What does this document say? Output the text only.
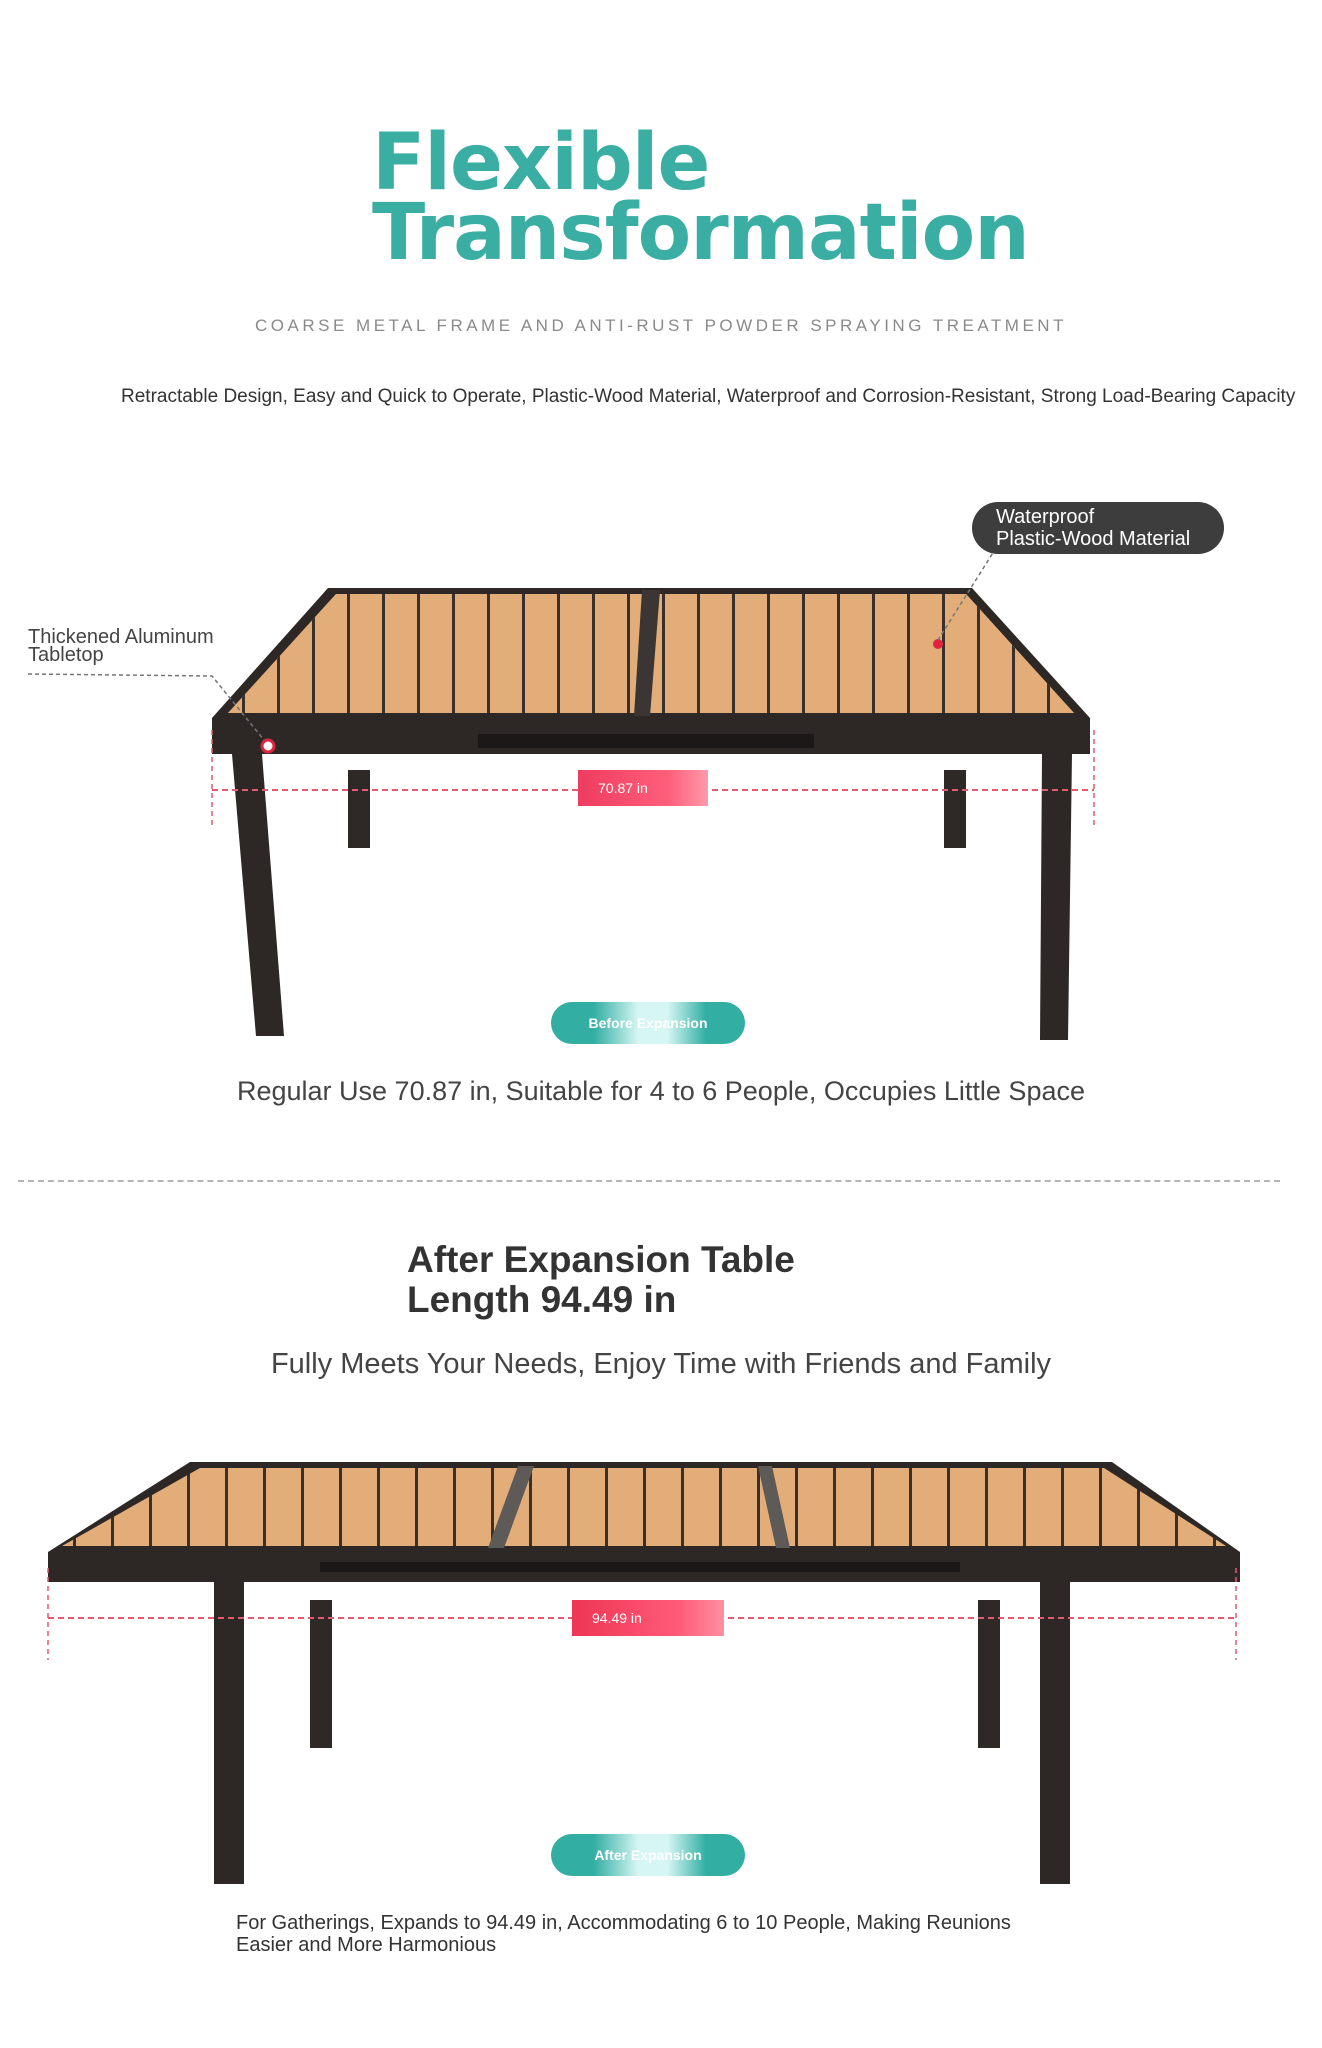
Flexible
Transformation
COARSE METAL FRAME AND ANTI-RUST POWDER SPRAYING TREATMENT
Retractable Design, Easy and Quick to Operate, Plastic-Wood Material, Waterproof and Corrosion-Resistant, Strong Load-Bearing Capacity
Waterproof
Plastic-Wood Material
Thickened Aluminum
Tabletop
70.87 in
Before Expansion
Regular Use 70.87 in, Suitable for 4 to 6 People, Occupies Little Space
After Expansion Table
Length 94.49 in
Fully Meets Your Needs, Enjoy Time with Friends and Family
94.49 in
After Expansion
For Gatherings, Expands to 94.49 in, Accommodating 6 to 10 People, Making Reunions
Easier and More Harmonious
